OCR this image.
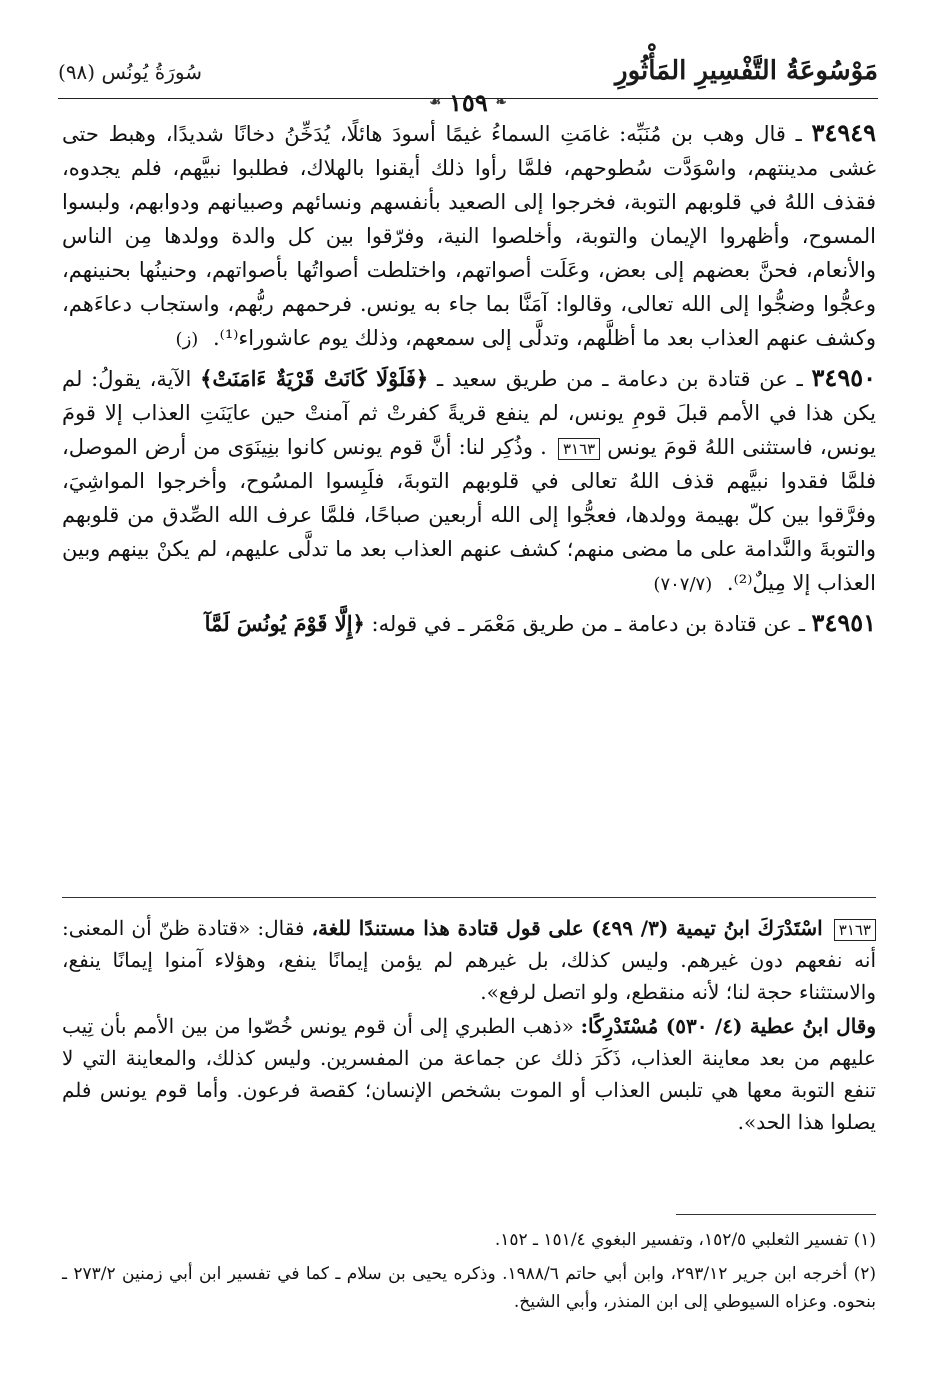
مَوْسُوعَةُ التَّفْسِيرِ المَأْثُورِ
❧
١٥٩
☙
سُورَةُ يُونُس (٩٨)

٣٤٩٤٩ ـ قال وهب بن مُنَبِّه: غامَتِ السماءُ غيمًا أسودَ هائلًا، يُدَخِّنُ دخانًا شديدًا، وهبط حتى غشى مدينتهم، واسْوَدَّت سُطوحهم، فلمَّا رأوا ذلك أيقنوا بالهلاك، فطلبوا نبيَّهم، فلم يجدوه، فقذف اللهُ في قلوبهم التوبة، فخرجوا إلى الصعيد بأنفسهم ونسائهم وصبيانهم ودوابهم، ولبسوا المسوح، وأظهروا الإيمان والتوبة، وأخلصوا النية، وفرّقوا بين كل والدة وولدها مِن الناس والأنعام، فحنَّ بعضهم إلى بعض، وعَلَت أصواتهم، واختلطت أصواتُها بأصواتهم، وحنينُها بحنينهم، وعجُّوا وضجُّوا إلى الله تعالى، وقالوا: آمَنَّا بما جاء به يونس. فرحمهم ربُّهم، واستجاب دعاءَهم، وكشف عنهم العذاب بعد ما أظلَّهم، وتدلَّى إلى سمعهم، وذلك يوم عاشوراء⁽¹⁾. (ز)

٣٤٩٥٠ ـ عن قتادة بن دعامة ـ من طريق سعيد ـ ﴿فَلَوْلَا كَانَتْ قَرْيَةٌ ءَامَنَتْ﴾ الآية، يقولُ: لم يكن هذا في الأمم قبلَ قومِ يونس، لم ينفع قريةً كفرتْ ثم آمنتْ حين عايَنَتِ العذاب إلا قومَ يونس، فاستثنى اللهُ قومَ يونس ٣١٦٣ . وذُكِر لنا: أنَّ قوم يونس كانوا بنِينَوَى من أرض الموصل، فلمَّا فقدوا نبيَّهم قذف اللهُ تعالى في قلوبهم التوبةَ، فلَبِسوا المسُوح، وأخرجوا المواشِيَ، وفرَّقوا بين كلّ بهيمة وولدها، فعجُّوا إلى الله أربعين صباحًا، فلمَّا عرف الله الصِّدق من قلوبهم والتوبةَ والنَّدامة على ما مضى منهم؛ كشف عنهم العذاب بعد ما تدلَّى عليهم، لم يكنْ بينهم وبين العذاب إلا مِيلٌ⁽²⁾. (٧٠٧/٧)

٣٤٩٥١ ـ عن قتادة بن دعامة ـ من طريق مَعْمَر ـ في قوله: ﴿إِلَّا قَوْمَ يُونُسَ لَمَّآ

٣١٦٣ اسْتَدْرَكَ ابنُ تيمية (٣/ ٤٩٩) على قول قتادة هذا مستندًا للغة، فقال: «قتادة ظنّ أن المعنى: أنه نفعهم دون غيرهم. وليس كذلك، بل غيرهم لم يؤمن إيمانًا ينفع، وهؤلاء آمنوا إيمانًا ينفع، والاستثناء حجة لنا؛ لأنه منقطع، ولو اتصل لرفع».

وقال ابنُ عطية (٤/ ٥٣٠) مُسْتَدْرِكًا: «ذهب الطبري إلى أن قوم يونس خُصّوا من بين الأمم بأن تِيب عليهم من بعد معاينة العذاب، ذَكَرَ ذلك عن جماعة من المفسرين. وليس كذلك، والمعاينة التي لا تنفع التوبة معها هي تلبس العذاب أو الموت بشخص الإنسان؛ كقصة فرعون. وأما قوم يونس فلم يصلوا هذا الحد».

(١) تفسير الثعلبي ١٥٢/٥، وتفسير البغوي ١٥١/٤ ـ ١٥٢.

(٢) أخرجه ابن جرير ٢٩٣/١٢، وابن أبي حاتم ١٩٨٨/٦. وذكره يحيى بن سلام ـ كما في تفسير ابن أبي زمنين ٢٧٣/٢ ـ بنحوه. وعزاه السيوطي إلى ابن المنذر، وأبي الشيخ.
